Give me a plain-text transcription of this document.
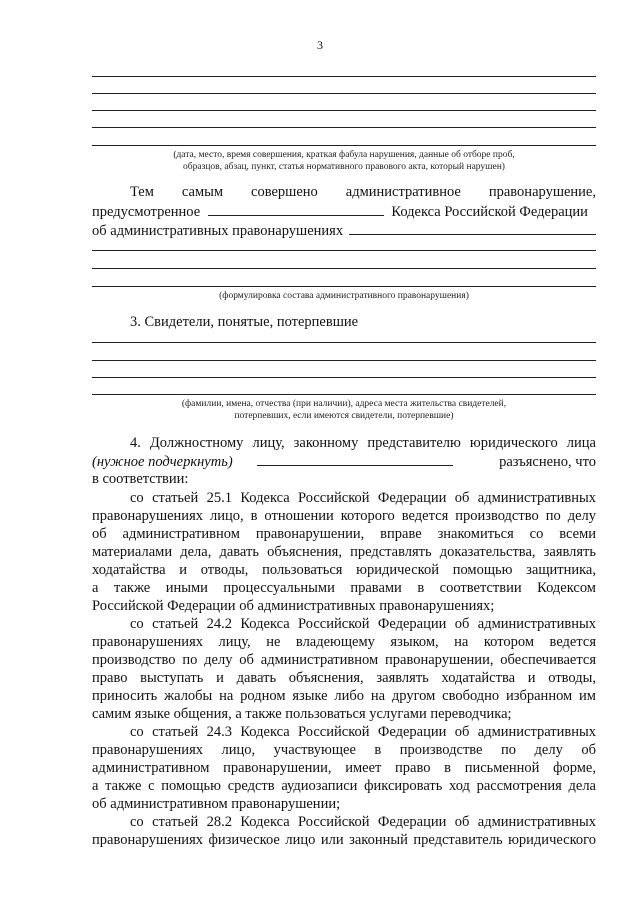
3
(дата, место, время совершения, краткая фабула нарушения, данные об отборе проб,
образцов, абзац, пункт, статья нормативного правового акта, который нарушен)
Тем самым совершено административное правонарушение,
предусмотренное	Кодекса Российской Федерации
об административных правонарушениях
(формулировка состава административного правонарушения)
3. Свидетели, понятые, потерпевшие
(фамилии, имена, отчества (при наличии), адреса места жительства свидетелей,
потерпевших, если имеются свидетели, потерпевшие)
4. Должностному лицу, законному представителю юридического лица
(нужное подчеркнуть)	разъяснено, что
в соответствии:
со статьей 25.1 Кодекса Российской Федерации об административных
правонарушениях лицо, в отношении которого ведется производство по делу
об административном правонарушении, вправе знакомиться со всеми
материалами дела, давать объяснения, представлять доказательства, заявлять
ходатайства и отводы, пользоваться юридической помощью защитника,
а также иными процессуальными правами в соответствии Кодексом
Российской Федерации об административных правонарушениях;
со статьей 24.2 Кодекса Российской Федерации об административных
правонарушениях лицу, не владеющему языком, на котором ведется
производство по делу об административном правонарушении, обеспечивается
право выступать и давать объяснения, заявлять ходатайства и отводы,
приносить жалобы на родном языке либо на другом свободно избранном им
самим языке общения, а также пользоваться услугами переводчика;
со статьей 24.3 Кодекса Российской Федерации об административных
правонарушениях лицо, участвующее в производстве по делу об
административном правонарушении, имеет право в письменной форме,
а также с помощью средств аудиозаписи фиксировать ход рассмотрения дела
об административном правонарушении;
со статьей 28.2 Кодекса Российской Федерации об административных
правонарушениях физическое лицо или законный представитель юридического
